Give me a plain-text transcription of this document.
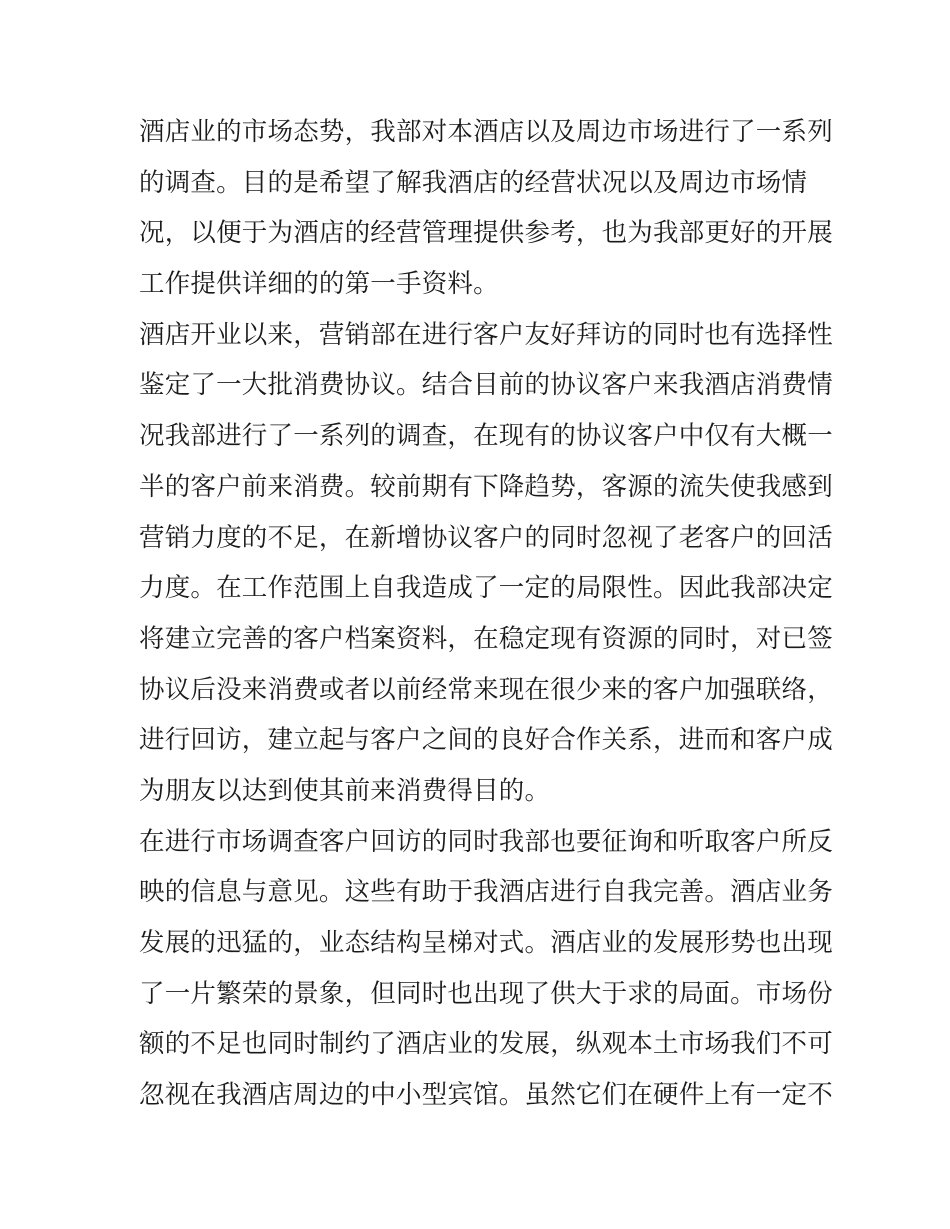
酒店业的市场态势，我部对本酒店以及周边市场进行了一系列
的调查。目的是希望了解我酒店的经营状况以及周边市场情
况，以便于为酒店的经营管理提供参考，也为我部更好的开展
工作提供详细的的第一手资料。
酒店开业以来，营销部在进行客户友好拜访的同时也有选择性
鉴定了一大批消费协议。结合目前的协议客户来我酒店消费情
况我部进行了一系列的调查，在现有的协议客户中仅有大概一
半的客户前来消费。较前期有下降趋势，客源的流失使我感到
营销力度的不足，在新增协议客户的同时忽视了老客户的回活
力度。在工作范围上自我造成了一定的局限性。因此我部决定
将建立完善的客户档案资料，在稳定现有资源的同时，对已签
协议后没来消费或者以前经常来现在很少来的客户加强联络，
进行回访，建立起与客户之间的良好合作关系，进而和客户成
为朋友以达到使其前来消费得目的。
在进行市场调查客户回访的同时我部也要征询和听取客户所反
映的信息与意见。这些有助于我酒店进行自我完善。酒店业务
发展的迅猛的，业态结构呈梯对式。酒店业的发展形势也出现
了一片繁荣的景象，但同时也出现了供大于求的局面。市场份
额的不足也同时制约了酒店业的发展，纵观本土市场我们不可
忽视在我酒店周边的中小型宾馆。虽然它们在硬件上有一定不
